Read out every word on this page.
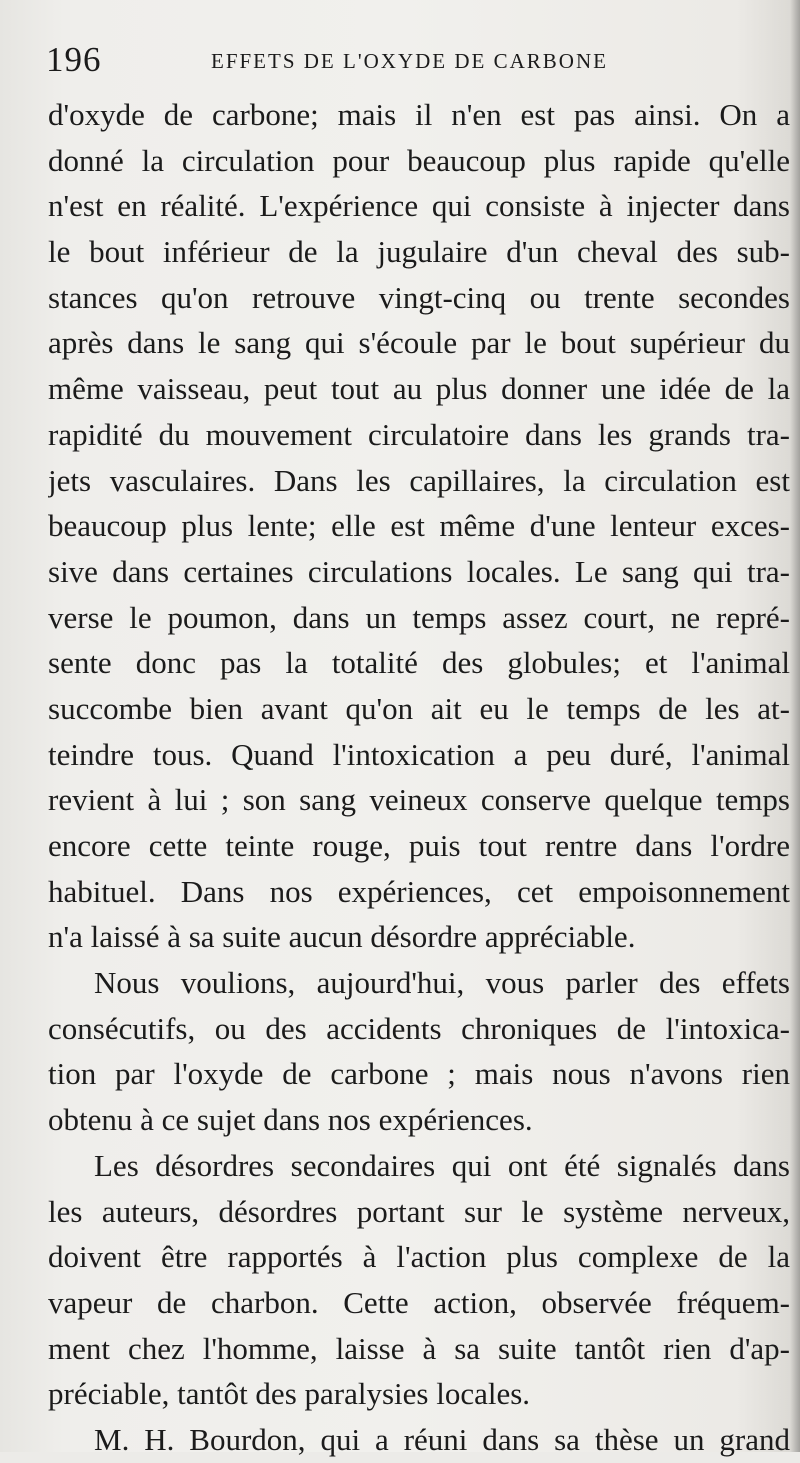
196	EFFETS DE L'OXYDE DE CARBONE
d'oxyde de carbone; mais il n'en est pas ainsi. On a
donné la circulation pour beaucoup plus rapide qu'elle
n'est en réalité. L'expérience qui consiste à injecter dans
le bout inférieur de la jugulaire d'un cheval des sub-
stances qu'on retrouve vingt-cinq ou trente secondes
après dans le sang qui s'écoule par le bout supérieur du
même vaisseau, peut tout au plus donner une idée de la
rapidité du mouvement circulatoire dans les grands tra-
jets vasculaires. Dans les capillaires, la circulation est
beaucoup plus lente; elle est même d'une lenteur exces-
sive dans certaines circulations locales. Le sang qui tra-
verse le poumon, dans un temps assez court, ne repré-
sente donc pas la totalité des globules; et l'animal
succombe bien avant qu'on ait eu le temps de les at-
teindre tous. Quand l'intoxication a peu duré, l'animal
revient à lui ; son sang veineux conserve quelque temps
encore cette teinte rouge, puis tout rentre dans l'ordre
habituel. Dans nos expériences, cet empoisonnement
n'a laissé à sa suite aucun désordre appréciable.
Nous voulions, aujourd'hui, vous parler des effets
consécutifs, ou des accidents chroniques de l'intoxica-
tion par l'oxyde de carbone ; mais nous n'avons rien
obtenu à ce sujet dans nos expériences.
Les désordres secondaires qui ont été signalés dans
les auteurs, désordres portant sur le système nerveux,
doivent être rapportés à l'action plus complexe de la
vapeur de charbon. Cette action, observée fréquem-
ment chez l'homme, laisse à sa suite tantôt rien d'ap-
préciable, tantôt des paralysies locales.
M. H. Bourdon, qui a réuni dans sa thèse un grand
